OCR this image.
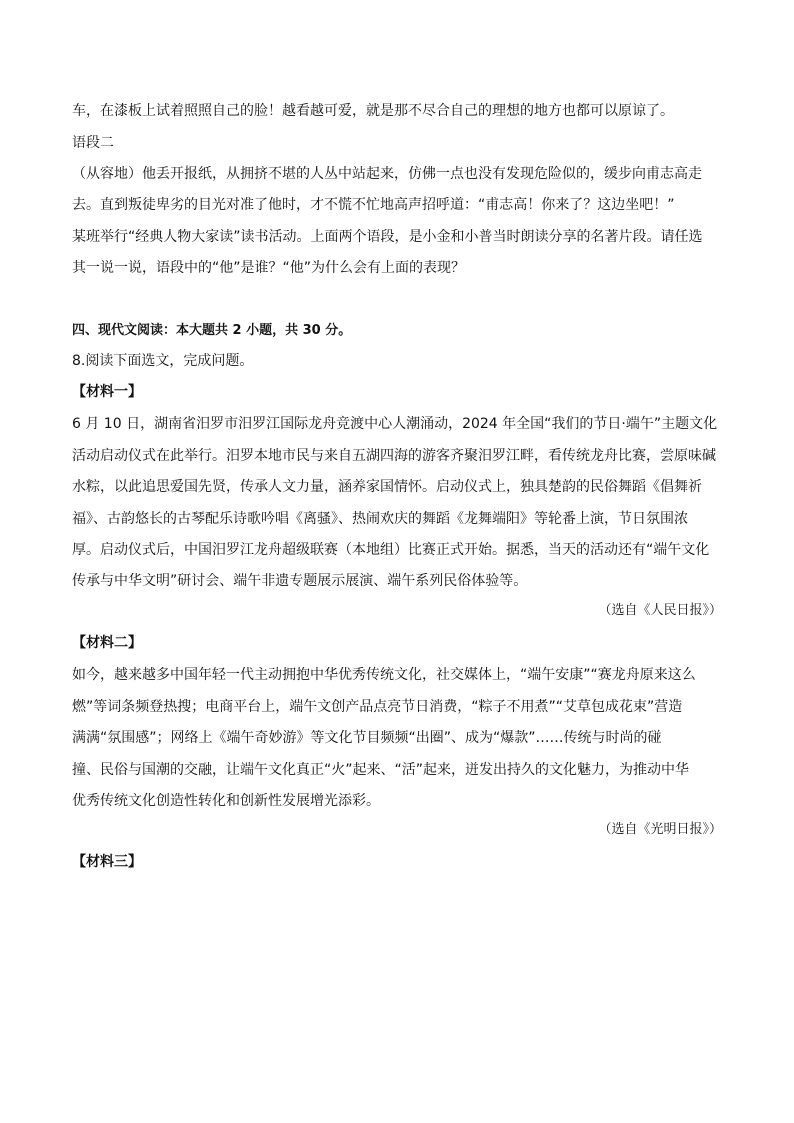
车，在漆板上试着照照自己的脸！越看越可爱，就是那不尽合自己的理想的地方也都可以原谅了。
语段二
（从容地）他丢开报纸，从拥挤不堪的人丛中站起来，仿佛一点也没有发现危险似的，缓步向甫志高走
去。直到叛徒卑劣的目光对准了他时，才不慌不忙地高声招呼道：“甫志高！你来了？这边坐吧！”
某班举行“经典人物大家读”读书活动。上面两个语段，是小金和小普当时朗读分享的名著片段。请任选
其一说一说，语段中的“他”是谁？“他”为什么会有上面的表现？
四、现代文阅读：本大题共 2 小题，共 30 分。
8.阅读下面选文，完成问题。
【材料一】
6 月 10 日，湖南省汨罗市汨罗江国际龙舟竞渡中心人潮涌动，2024 年全国“我们的节日·端午”主题文化
活动启动仪式在此举行。汨罗本地市民与来自五湖四海的游客齐聚汨罗江畔，看传统龙舟比赛，尝原味碱
水粽，以此追思爱国先贤，传承人文力量，涵养家国情怀。启动仪式上，独具楚韵的民俗舞蹈《倡舞祈
福》、古韵悠长的古琴配乐诗歌吟唱《离骚》、热闹欢庆的舞蹈《龙舞端阳》等轮番上演，节日氛围浓
厚。启动仪式后，中国汨罗江龙舟超级联赛（本地组）比赛正式开始。据悉，当天的活动还有“端午文化
传承与中华文明”研讨会、端午非遗专题展示展演、端午系列民俗体验等。
（选自《人民日报》）
【材料二】
如今，越来越多中国年轻一代主动拥抱中华优秀传统文化，社交媒体上，“端午安康”“赛龙舟原来这么
燃”等词条频登热搜；电商平台上，端午文创产品点亮节日消费，“粽子不用煮”“艾草包成花束”营造
满满“氛围感”；网络上《端午奇妙游》等文化节目频频“出圈”、成为“爆款”……传统与时尚的碰
撞、民俗与国潮的交融，让端午文化真正“火”起来、“活”起来，迸发出持久的文化魅力，为推动中华
优秀传统文化创造性转化和创新性发展增光添彩。
（选自《光明日报》）
【材料三】
